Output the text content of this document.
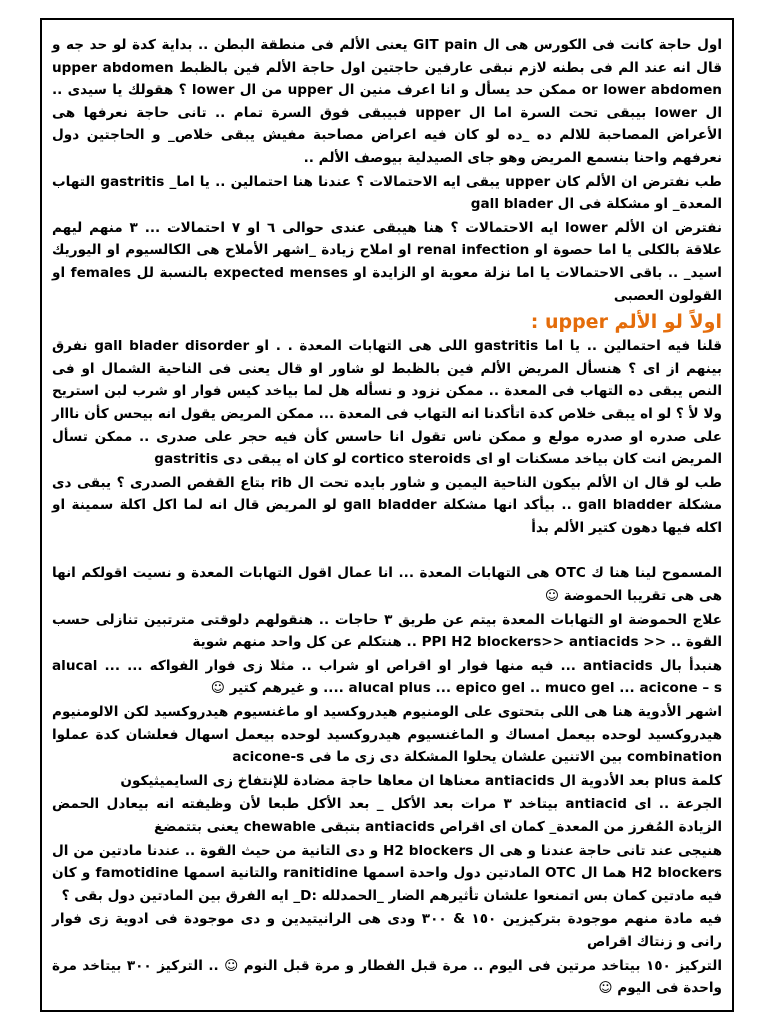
اول حاجة كانت فى الكورس هى ال GIT pain يعنى الألم فى منطقة البطن .. بداية كدة لو حد جه و قال انه عند الم فى بطنه لازم نبقى عارفين حاجتين اول حاجة الألم فين بالظبط upper abdomen or lower abdomen ممكن حد يسأل و انا اعرف منين ال upper من ال lower ؟ هقولك يا سيدى .. ال lower بيبقى تحت السرة اما ال upper فبيبقى فوق السرة تمام .. تانى حاجة نعرفها هى الأعراض المصاحبة للالم ده _ده لو كان فيه اعراض مصاحبة مفيش يبقى خلاص_ و الحاجتين دول نعرفهم واحنا بنسمع المريض وهو جاى الصيدلية بيوصف الألم ..

طب نفترض ان الألم كان upper يبقى ايه الاحتمالات ؟ عندنا هنا احتمالين .. يا اما_ gastritis التهاب المعدة_ او مشكلة فى ال gall blader

نفترض ان الألم lower ايه الاحتمالات ؟ هنا هيبقى عندى حوالى ٦ او ٧ احتمالات ... ٣ منهم ليهم علاقة بالكلى يا اما حصوة او renal infection او املاح زيادة _اشهر الأملاح هى الكالسيوم او اليوريك اسيد_ .. باقى الاحتمالات يا اما نزلة معوية او الزايدة او expected menses بالنسبة لل females او القولون العصبى

اولاً لو الألم upper :

قلنا فيه احتمالين .. يا اما gastritis اللى هى التهابات المعدة . . او gall blader disorder نفرق بينهم از اى ؟ هنسأل المريض الألم فين بالظبط لو شاور او قال يعنى فى الناحية الشمال او فى النص يبقى ده التهاب فى المعدة .. ممكن نزود و نسأله هل لما بياخد كيس فوار او شرب لبن استريح ولا لأ ؟ لو اه يبقى خلاص كدة اتأكدنا انه التهاب فى المعدة ... ممكن المريض يقول انه بيحس كأن نااار على صدره او صدره مولع و ممكن ناس تقول انا حاسس كأن فيه حجر على صدرى .. ممكن تسأل المريض انت كان بياخد مسكنات او اى cortico steroids لو كان اه يبقى دى gastritis

طب لو قال ان الألم بيكون الناحية اليمين و شاور بايده تحت ال rib بتاع القفص الصدرى ؟ يبقى دى مشكلة gall bladder .. بيأكد انها مشكلة gall bladder لو المريض قال انه لما اكل اكلة سمينة او اكله فيها دهون كتير الألم بدأ

المسموح لينا هنا ك OTC هى التهابات المعدة ... انا عمال اقول التهابات المعدة و نسيت اقولكم انها هى هى تقريبا الحموضة ☺

علاج الحموضة او التهابات المعدة بيتم عن طريق ٣ حاجات .. هنقولهم دلوقتى مترتبين تنازلى حسب القوة .. << PPI H2 blockers>> antiacids .. هنتكلم عن كل واحد منهم شوية

هنبدأ بال antiacids ... فيه منها فوار او اقراص او شراب .. مثلا زى فوار الفواكه ... alucal ... alucal plus ... epico gel .. muco gel ... acicone – s .... و غيرهم كتير ☺

اشهر الأدوية هنا هى اللى بتحتوى على الومنيوم هيدروكسيد او ماغنسيوم هيدروكسيد لكن الالومنيوم هيدروكسيد لوحده بيعمل امساك و الماغنسيوم هيدروكسيد لوحده بيعمل اسهال فعلشان كدة عملوا combination بين الاتنين علشان يحلوا المشكلة دى زى ما فى acicone-s

كلمة plus بعد الأدوية ال antiacids معناها ان معاها حاجة مضادة للإنتفاخ زى السايميثيكون

الجرعة .. اى antiacid بيتاخد ٣ مرات بعد الأكل _ بعد الأكل طبعا لأن وظيفته انه بيعادل الحمض الزيادة المُفرز من المعدة_ كمان اى اقراص antiacids بتبقى chewable يعنى بتتمضغ

هنيجى عند تانى حاجة عندنا و هى ال H2 blockers و دى التانية من حيث القوة .. عندنا مادتين من ال H2 blockers هما ال OTC المادتين دول واحدة اسمها ranitidine والتانية اسمها famotidine و كان فيه مادتين كمان بس اتمنعوا علشان تأثيرهم الضار _الحمدلله :D_ ايه الفرق بين المادتين دول بقى ؟

فيه مادة منهم موجودة بتركيزين ١٥٠ & ٣٠٠ ودى هى الرانيتيدين و دى موجودة فى ادوية زى فوار رانى و زنتاك اقراص

التركيز ١٥٠ بيتاخد مرتين فى اليوم .. مرة قبل الفطار و مرة قبل النوم ☺ .. التركيز ٣٠٠ بيتاخد مرة واحدة فى اليوم ☺
